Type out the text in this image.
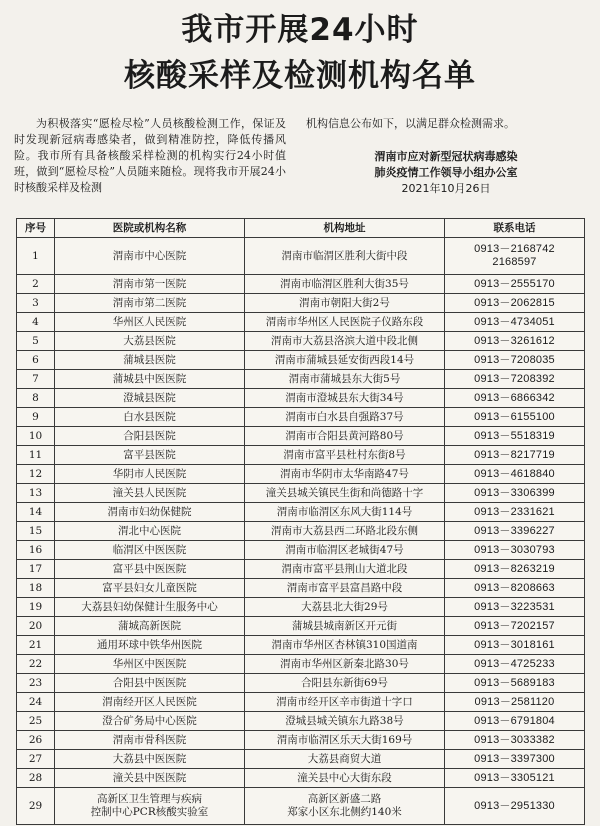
我市开展24小时
核酸采样及检测机构名单

为积极落实“愿检尽检”人员核酸检测工作，保证及时发现新冠病毒感染者，做到精准防控，降低传播风险。我市所有具备核酸采样检测的机构实行24小时值班，做到“愿检尽检”人员随来随检。现将我市开展24小时核酸采样及检测

机构信息公布如下，以满足群众检测需求。

渭南市应对新型冠状病毒感染
肺炎疫情工作领导小组办公室
2021年10月26日
序号	医院或机构名称	机构地址	联系电话

1	渭南市中心医院	渭南市临渭区胜利大街中段	0913－2168742
2168597

2	渭南市第一医院	渭南市临渭区胜利大街35号	0913－2555170

3	渭南市第二医院	渭南市朝阳大街2号	0913－2062815

4	华州区人民医院	渭南市华州区人民医院子仪路东段	0913－4734051

5	大荔县医院	渭南市大荔县洛滨大道中段北侧	0913－3261612

6	蒲城县医院	渭南市蒲城县延安街西段14号	0913－7208035

7	蒲城县中医医院	渭南市蒲城县东大街5号	0913－7208392

8	澄城县医院	渭南市澄城县东大街34号	0913－6866342

9	白水县医院	渭南市白水县自强路37号	0913－6155100

10	合阳县医院	渭南市合阳县黄河路80号	0913－5518319

11	富平县医院	渭南市富平县杜村东街8号	0913－8217719

12	华阴市人民医院	渭南市华阴市太华南路47号	0913－4618840

13	潼关县人民医院	潼关县城关镇民生街和尚德路十字	0913－3306399

14	渭南市妇幼保健院	渭南市临渭区东风大街114号	0913－2331621

15	渭北中心医院	渭南市大荔县西二环路北段东侧	0913－3396227

16	临渭区中医医院	渭南市临渭区老城街47号	0913－3030793

17	富平县中医医院	渭南市富平县荆山大道北段	0913－8263219

18	富平县妇女儿童医院	渭南市富平县富昌路中段	0913－8208663

19	大荔县妇幼保健计生服务中心	大荔县北大街29号	0913－3223531

20	蒲城高新医院	蒲城县城南新区开元街	0913－7202157

21	通用环球中铁华州医院	渭南市华州区杏林镇310国道南	0913－3018161

22	华州区中医医院	渭南市华州区新秦北路30号	0913－4725233

23	合阳县中医医院	合阳县东新街69号	0913－5689183

24	渭南经开区人民医院	渭南市经开区辛市街道十字口	0913－2581120

25	澄合矿务局中心医院	澄城县城关镇东九路38号	0913－6791804

26	渭南市骨科医院	渭南市临渭区乐天大街169号	0913－3033382

27	大荔县中医医院	大荔县商贸大道	0913－3397300

28	潼关县中医医院	潼关县中心大街东段	0913－3305121

29	高新区卫生管理与疾病
控制中心PCR核酸实验室	高新区新盛二路
郑家小区东北侧约140米	0913－2951330
